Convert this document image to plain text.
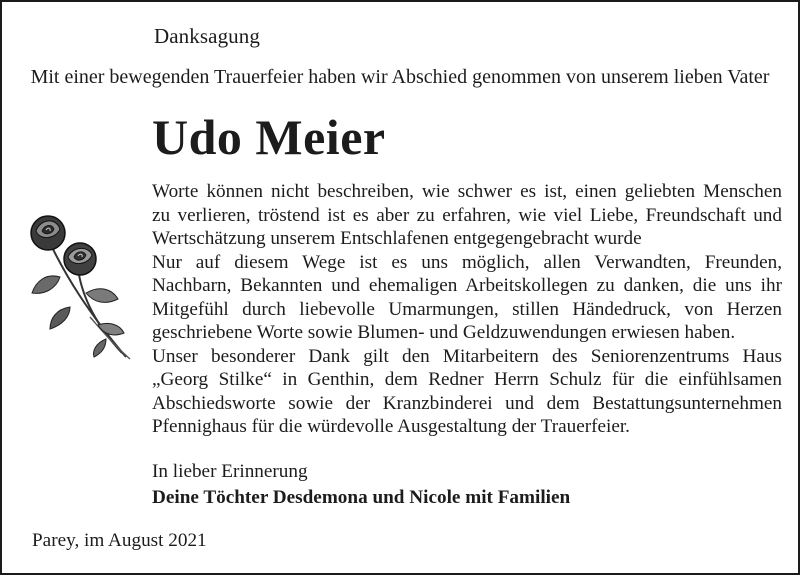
Danksagung
Mit einer bewegenden Trauerfeier haben wir Abschied genommen von unserem lieben Vater
Udo Meier

Worte können nicht beschreiben, wie schwer es ist, einen geliebten Menschen

zu verlieren, tröstend ist es aber zu erfahren, wie viel Liebe, Freundschaft und

Wertschätzung unserem Entschlafenen entgegengebracht wurde

Nur auf diesem Wege ist es uns möglich, allen Verwandten, Freunden,

Nachbarn, Bekannten und ehemaligen Arbeitskollegen zu danken, die uns ihr

Mitgefühl durch liebevolle Umarmungen, stillen Händedruck, von Herzen

geschriebene Worte sowie Blumen- und Geldzuwendungen erwiesen haben.

Unser besonderer Dank gilt den Mitarbeitern des Seniorenzentrums Haus

„Georg Stilke“ in Genthin, dem Redner Herrn Schulz für die einfühlsamen

Abschiedsworte sowie der Kranzbinderei und dem Bestattungsunternehmen

Pfennighaus für die würdevolle Ausgestaltung der Trauerfeier.

In lieber Erinnerung
Deine Töchter Desdemona und Nicole mit Familien
Parey, im August 2021
